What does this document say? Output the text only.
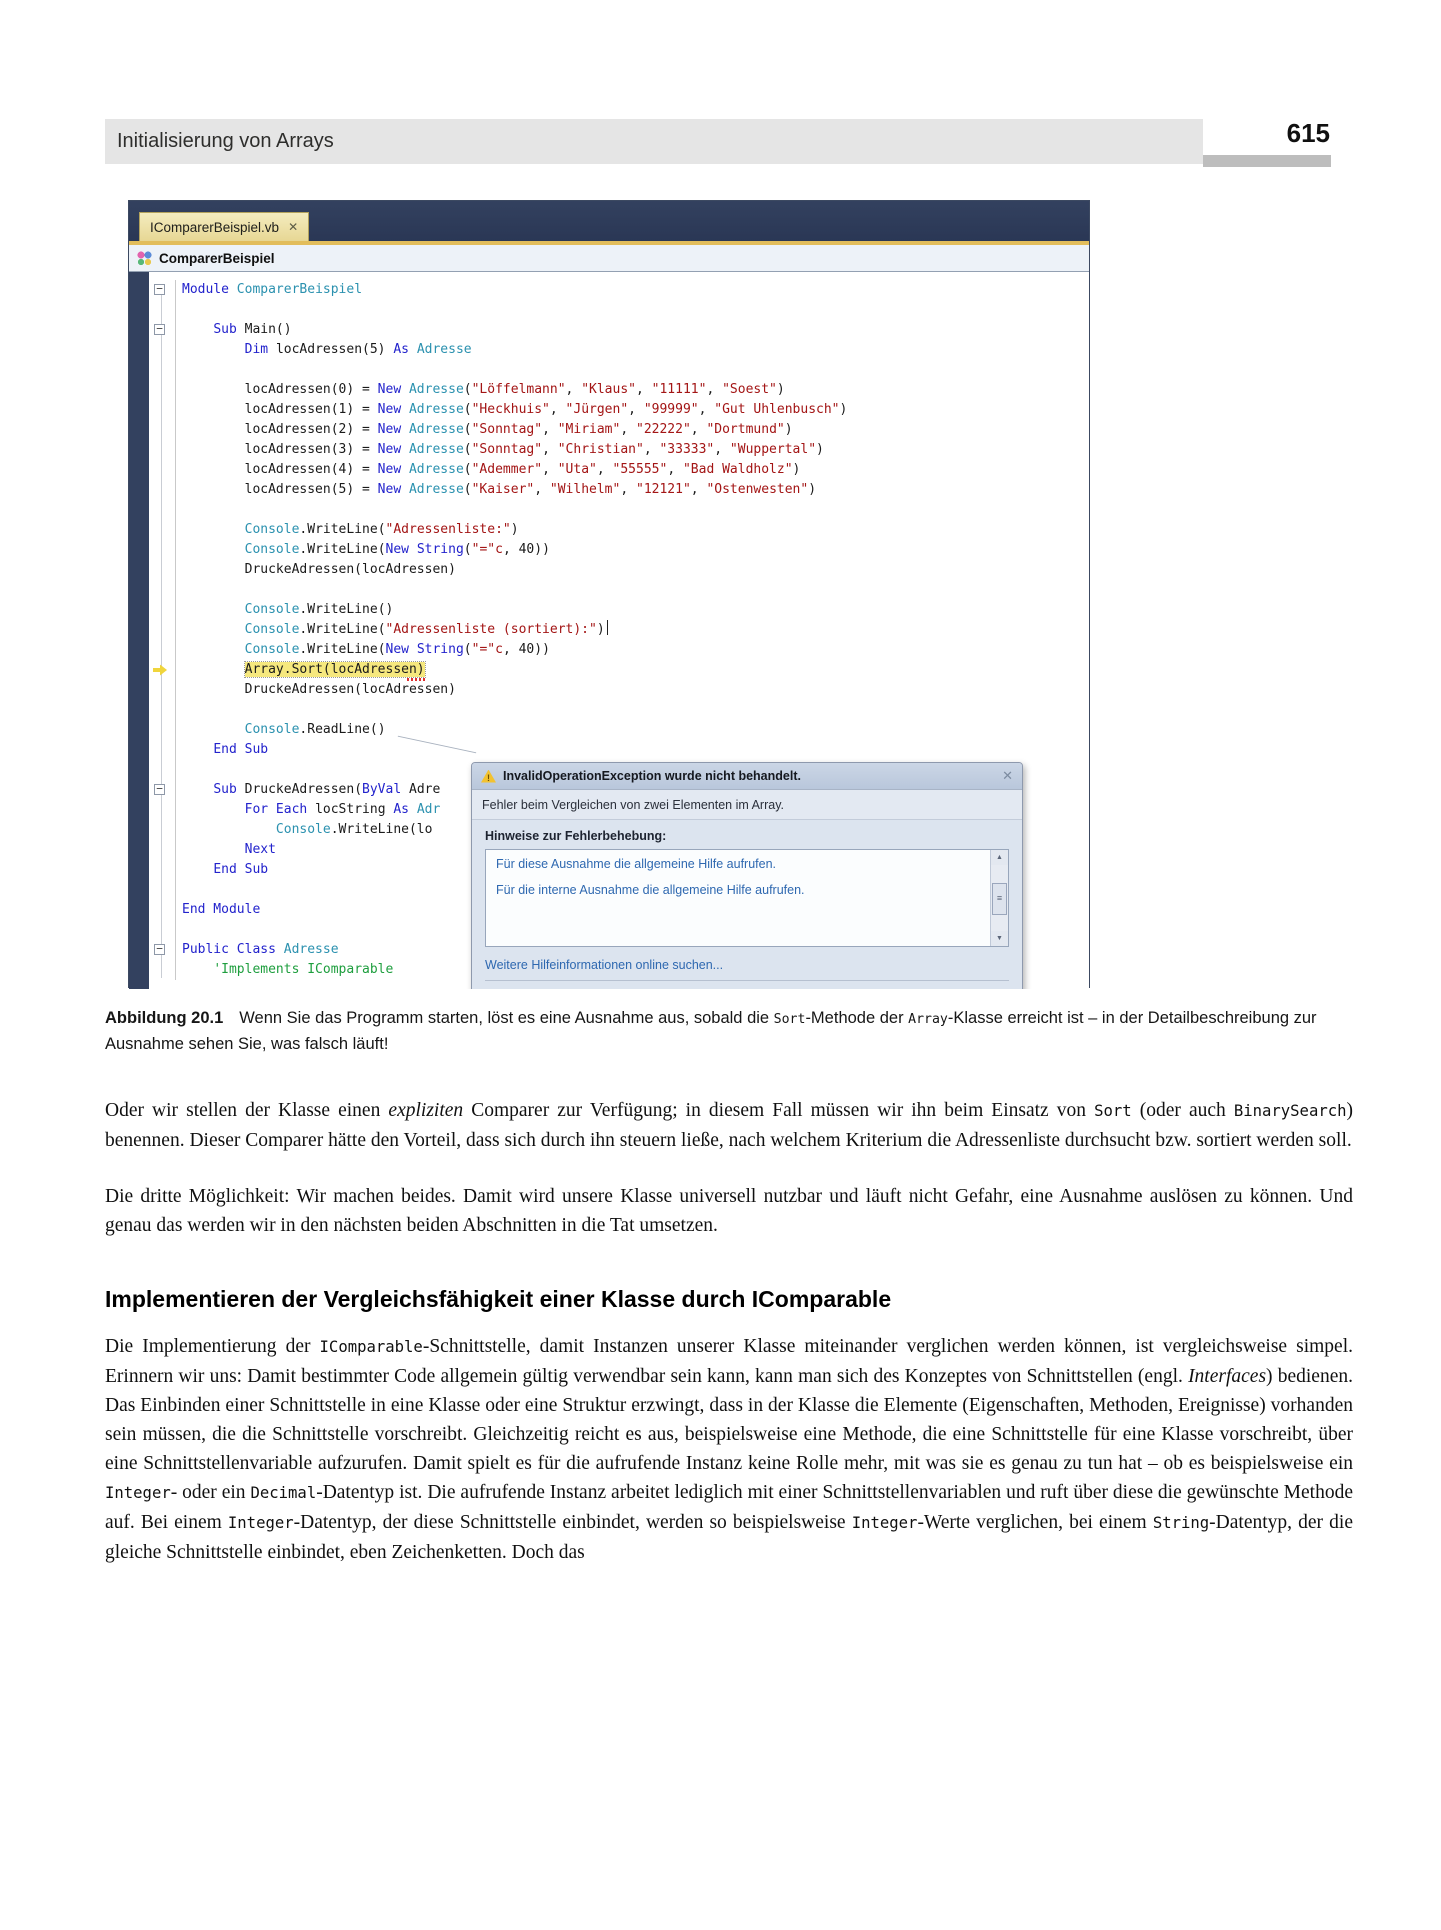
Initialisierung von Arrays	615
IComparerBeispiel.vb ✕
ComparerBeispiel
−	Module ComparerBeispiel
−	Sub Main()
Dim locAdressen(5) As Adresse
locAdressen(0) = New Adresse("Löffelmann", "Klaus", "11111", "Soest")
locAdressen(1) = New Adresse("Heckhuis", "Jürgen", "99999", "Gut Uhlenbusch")
locAdressen(2) = New Adresse("Sonntag", "Miriam", "22222", "Dortmund")
locAdressen(3) = New Adresse("Sonntag", "Christian", "33333", "Wuppertal")
locAdressen(4) = New Adresse("Ademmer", "Uta", "55555", "Bad Waldholz")
locAdressen(5) = New Adresse("Kaiser", "Wilhelm", "12121", "Ostenwesten")
Console.WriteLine("Adressenliste:")
Console.WriteLine(New String("="c, 40))
DruckeAdressen(locAdressen)
Console.WriteLine()
Console.WriteLine("Adressenliste (sortiert):")
Console.WriteLine(New String("="c, 40))
Array.Sort(locAdressen)
DruckeAdressen(locAdressen)
Console.ReadLine()
End Sub
−	Sub DruckeAdressen(ByVal Adre
For Each locString As Adr
Console.WriteLine(lo
Next
End Sub
End Module
−	Public Class Adresse
'Implements IComparable
!
InvalidOperationException wurde nicht behandelt.	✕
Fehler beim Vergleichen von zwei Elementen im Array.
Hinweise zur Fehlerbehebung:
Für diese Ausnahme die allgemeine Hilfe aufrufen.
Für die interne Ausnahme die allgemeine Hilfe aufrufen.
▲
≡
▼
Weitere Hilfeinformationen online suchen...
Abbildung 20.1 Wenn Sie das Programm starten, löst es eine Ausnahme aus, sobald die Sort-Methode der Array-Klasse erreicht ist – in der Detailbeschreibung zur Ausnahme sehen Sie, was falsch läuft!

Oder wir stellen der Klasse einen expliziten Comparer zur Verfügung; in diesem Fall müssen wir ihn beim Einsatz von Sort (oder auch BinarySearch) benennen. Dieser Comparer hätte den Vorteil, dass sich durch ihn steuern ließe, nach welchem Kriterium die Adressenliste durchsucht bzw. sortiert werden soll.

Die dritte Möglichkeit: Wir machen beides. Damit wird unsere Klasse universell nutzbar und läuft nicht Gefahr, eine Ausnahme auslösen zu können. Und genau das werden wir in den nächsten beiden Abschnitten in die Tat umsetzen.

Implementieren der Vergleichsfähigkeit einer Klasse durch IComparable

Die Implementierung der IComparable-Schnittstelle, damit Instanzen unserer Klasse miteinander verglichen werden können, ist vergleichsweise simpel. Erinnern wir uns: Damit bestimmter Code allgemein gültig verwendbar sein kann, kann man sich des Konzeptes von Schnittstellen (engl. Interfaces) bedienen. Das Einbinden einer Schnittstelle in eine Klasse oder eine Struktur erzwingt, dass in der Klasse die Elemente (Eigenschaften, Methoden, Ereignisse) vorhanden sein müssen, die die Schnittstelle vorschreibt. Gleichzeitig reicht es aus, beispielsweise eine Methode, die eine Schnittstelle für eine Klasse vorschreibt, über eine Schnittstellenvariable aufzurufen. Damit spielt es für die aufrufende Instanz keine Rolle mehr, mit was sie es genau zu tun hat – ob es beispielsweise ein Integer- oder ein Decimal-Datentyp ist. Die aufrufende Instanz arbeitet lediglich mit einer Schnittstellenvariablen und ruft über diese die gewünschte Methode auf. Bei einem Integer-Datentyp, der diese Schnittstelle einbindet, werden so beispielsweise Integer-Werte verglichen, bei einem String-Datentyp, der die gleiche Schnittstelle einbindet, eben Zeichenketten. Doch das
